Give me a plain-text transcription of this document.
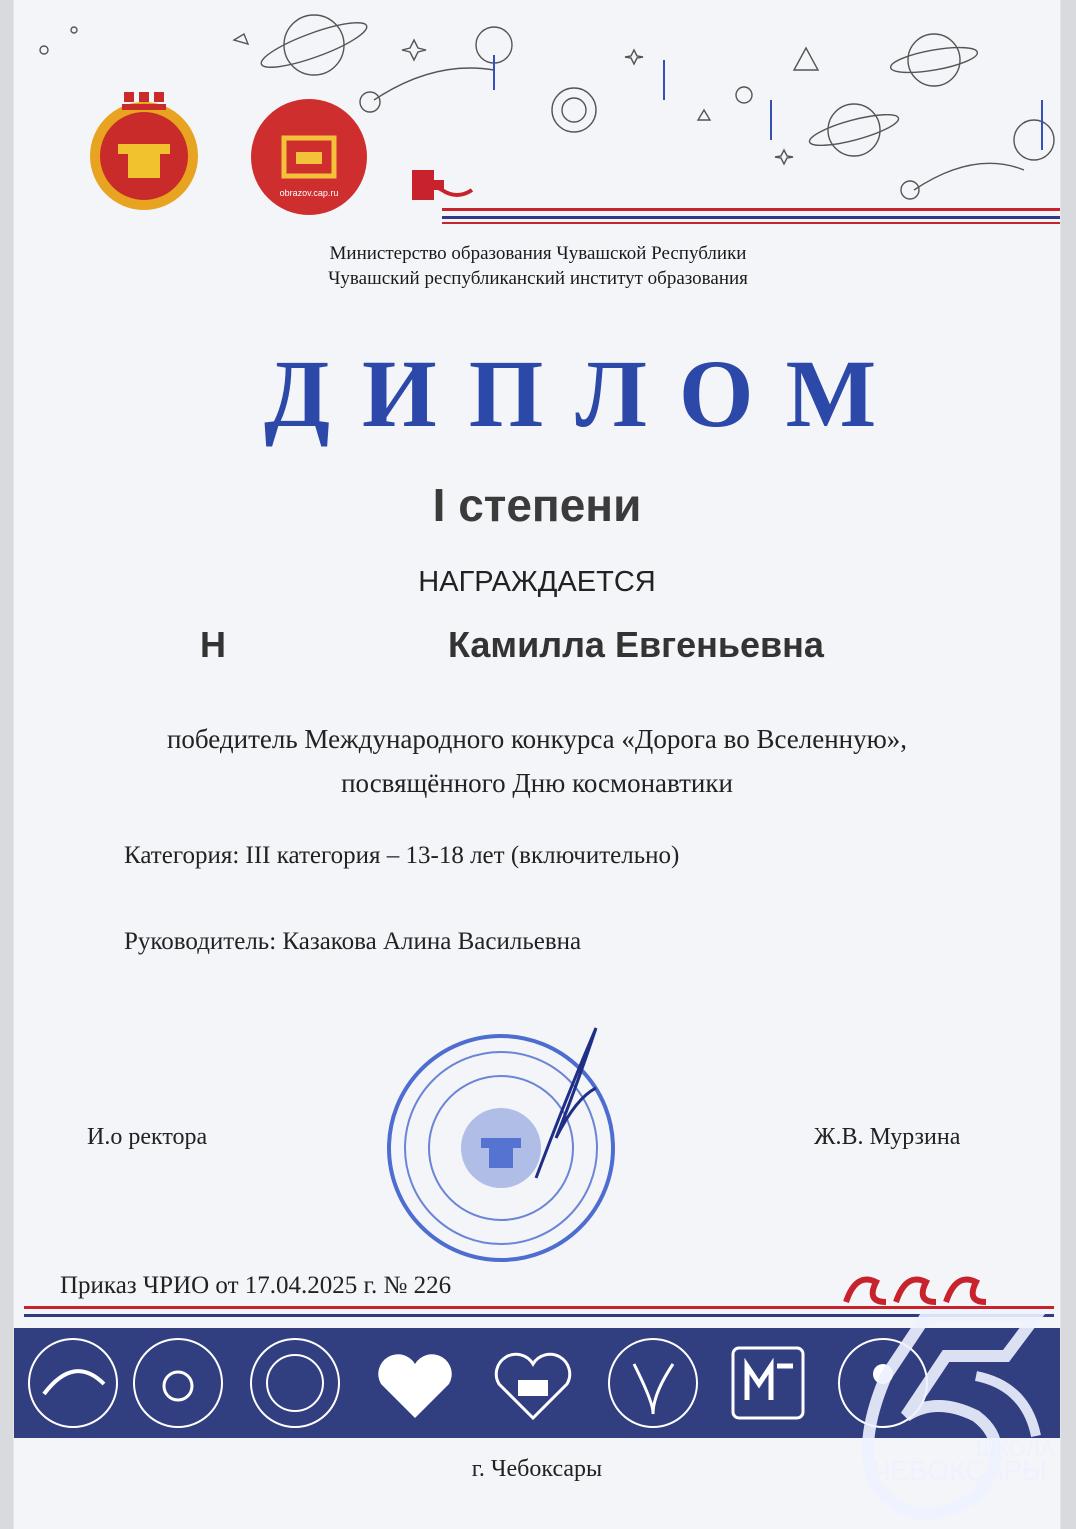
obrazov.cap.ru
Министерство образования Чувашской Республики
Чувашский республиканский институт образования
ДИПЛОМ
I степени
НАГРАЖДАЕТСЯ
Н	Камилла Евгеньевна
победитель Международного конкурса «Дорога во Вселенную»,
посвящённого Дню космонавтики
Категория: III категория – 13-18 лет (включительно)
Руководитель: Казакова Алина Васильевна
И.о ректора	Ж.В. Мурзина
Приказ ЧРИО от 17.04.2025 г. № 226
г. Чебоксары
ШКОЛА
ЧЕБОКСАРЫ
